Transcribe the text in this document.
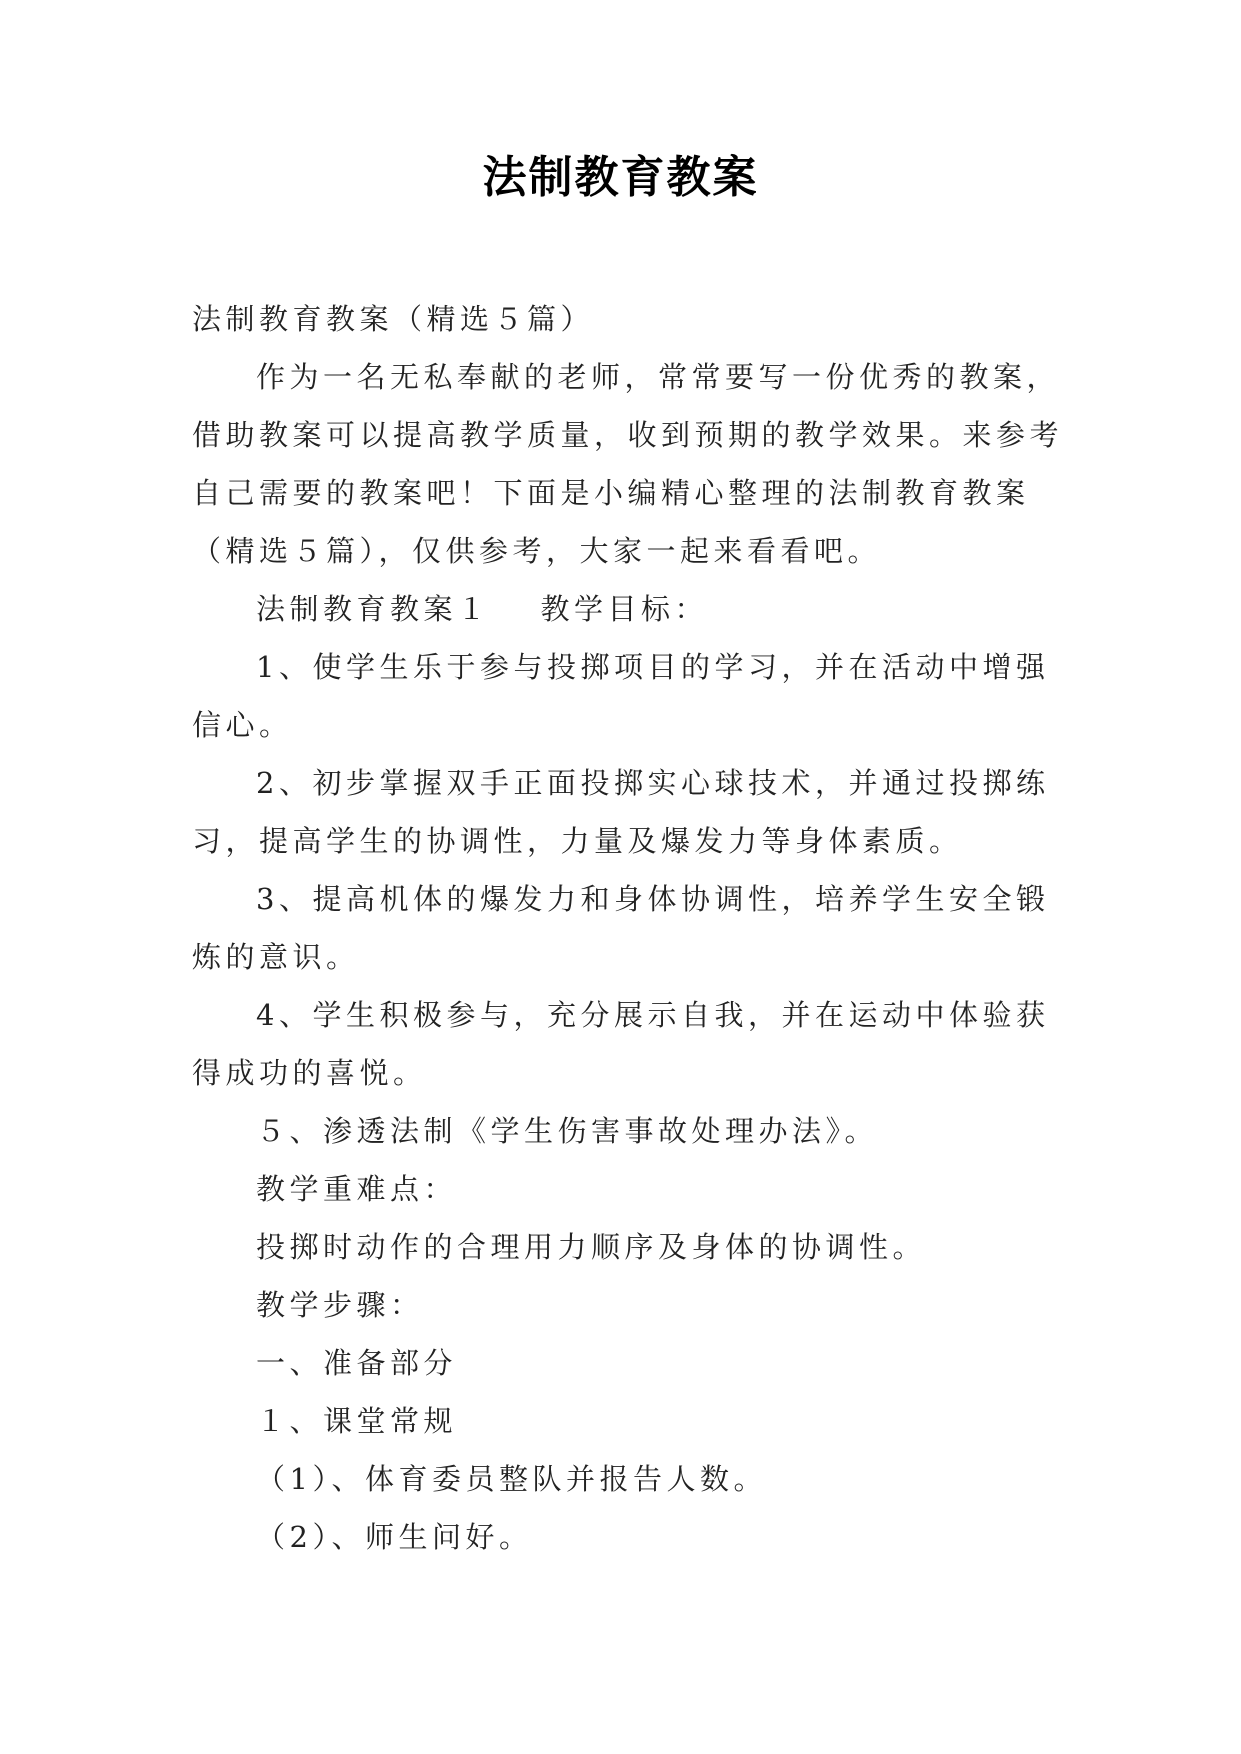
法制教育教案

法制教育教案（精选５篇）

作为一名无私奉献的老师，常常要写一份优秀的教案，借助教案可以提高教学质量，收到预期的教学效果。来参考自己需要的教案吧！下面是小编精心整理的法制教育教案（精选５篇），仅供参考，大家一起来看看吧。

法制教育教案１ 教学目标：

1、使学生乐于参与投掷项目的学习，并在活动中增强信心。

2、初步掌握双手正面投掷实心球技术，并通过投掷练习，提高学生的协调性，力量及爆发力等身体素质。

3、提高机体的爆发力和身体协调性，培养学生安全锻炼的意识。

4、学生积极参与，充分展示自我，并在运动中体验获得成功的喜悦。

５、渗透法制《学生伤害事故处理办法》。

教学重难点：

投掷时动作的合理用力顺序及身体的协调性。

教学步骤：

一、准备部分

１、课堂常规

（1）、体育委员整队并报告人数。

（2）、师生问好。
